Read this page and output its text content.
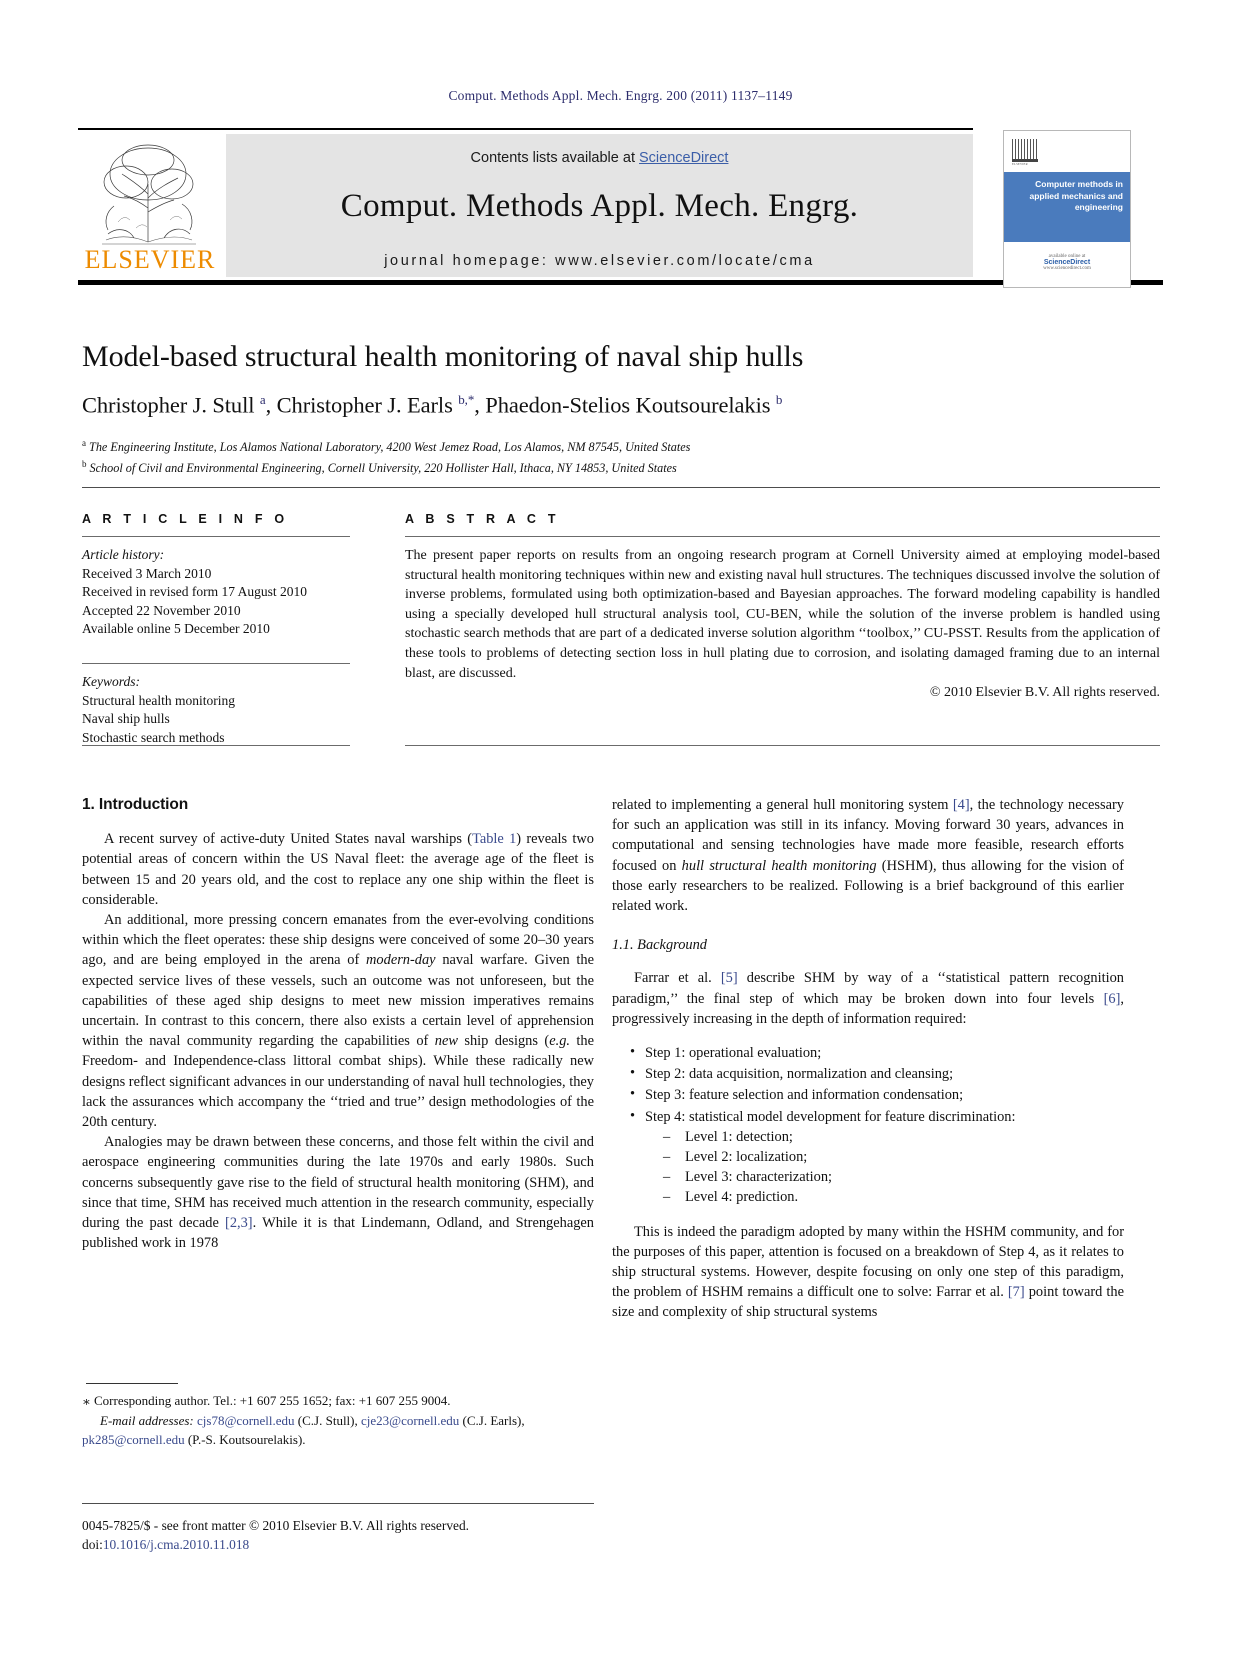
Comput. Methods Appl. Mech. Engrg. 200 (2011) 1137–1149
ELSEVIER
Contents lists available at ScienceDirect
Comput. Methods Appl. Mech. Engrg.
journal homepage: www.elsevier.com/locate/cma
ELSEVIER
Computer methods in applied mechanics and engineering
available online at
ScienceDirect
www.sciencedirect.com
Model-based structural health monitoring of naval ship hulls
Christopher J. Stull $^a$, Christopher J. Earls $^{b,*}$, Phaedon-Stelios Koutsourelakis $^b$
$^a$ The Engineering Institute, Los Alamos National Laboratory, 4200 West Jemez Road, Los Alamos, NM 87545, United States
$^b$ School of Civil and Environmental Engineering, Cornell University, 220 Hollister Hall, Ithaca, NY 14853, United States
A R T I C L E I N F O
Article history:
Received 3 March 2010
Received in revised form 17 August 2010
Accepted 22 November 2010
Available online 5 December 2010
Keywords:
Structural health monitoring
Naval ship hulls
Stochastic search methods
A B S T R A C T
The present paper reports on results from an ongoing research program at Cornell University aimed at employing model-based structural health monitoring techniques within new and existing naval hull structures. The techniques discussed involve the solution of inverse problems, formulated using both optimization-based and Bayesian approaches. The forward modeling capability is handled using a specially developed hull structural analysis tool, CU-BEN, while the solution of the inverse problem is handled using stochastic search methods that are part of a dedicated inverse solution algorithm ‘‘toolbox,’’ CU-PSST. Results from the application of these tools to problems of detecting section loss in hull plating due to corrosion, and isolating damaged framing due to an internal blast, are discussed.
© 2010 Elsevier B.V. All rights reserved.
1. Introduction

A recent survey of active-duty United States naval warships (Table 1) reveals two potential areas of concern within the US Naval fleet: the average age of the fleet is between 15 and 20 years old, and the cost to replace any one ship within the fleet is considerable.

An additional, more pressing concern emanates from the ever-evolving conditions within which the fleet operates: these ship designs were conceived of some 20–30 years ago, and are being employed in the arena of modern-day naval warfare. Given the expected service lives of these vessels, such an outcome was not unforeseen, but the capabilities of these aged ship designs to meet new mission imperatives remains uncertain. In contrast to this concern, there also exists a certain level of apprehension within the naval community regarding the capabilities of new ship designs (e.g. the Freedom- and Independence-class littoral combat ships). While these radically new designs reflect significant advances in our understanding of naval hull technologies, they lack the assurances which accompany the ‘‘tried and true’’ design methodologies of the 20th century.

Analogies may be drawn between these concerns, and those felt within the civil and aerospace engineering communities during the late 1970s and early 1980s. Such concerns subsequently gave rise to the field of structural health monitoring (SHM), and since that time, SHM has received much attention in the research community, especially during the past decade [2,3]. While it is that Lindemann, Odland, and Strengehagen published work in 1978

related to implementing a general hull monitoring system [4], the technology necessary for such an application was still in its infancy. Moving forward 30 years, advances in computational and sensing technologies have made more feasible, research efforts focused on hull structural health monitoring (HSHM), thus allowing for the vision of those early researchers to be realized. Following is a brief background of this earlier related work.

1.1. Background

Farrar et al. [5] describe SHM by way of a ‘‘statistical pattern recognition paradigm,’’ the final step of which may be broken down into four levels [6], progressively increasing in the depth of information required:

• Step 1: operational evaluation;
• Step 2: data acquisition, normalization and cleansing;
• Step 3: feature selection and information condensation;
• Step 4: statistical model development for feature discrimination:
– Level 1: detection;
– Level 2: localization;
– Level 3: characterization;
– Level 4: prediction.

This is indeed the paradigm adopted by many within the HSHM community, and for the purposes of this paper, attention is focused on a breakdown of Step 4, as it relates to ship structural systems. However, despite focusing on only one step of this paradigm, the problem of HSHM remains a difficult one to solve: Farrar et al. [7] point toward the size and complexity of ship structural systems

∗ Corresponding author. Tel.: +1 607 255 1652; fax: +1 607 255 9004.
E-mail addresses: cjs78@cornell.edu (C.J. Stull), cje23@cornell.edu (C.J. Earls), pk285@cornell.edu (P.-S. Koutsourelakis).
0045-7825/$ - see front matter © 2010 Elsevier B.V. All rights reserved.
doi:10.1016/j.cma.2010.11.018
